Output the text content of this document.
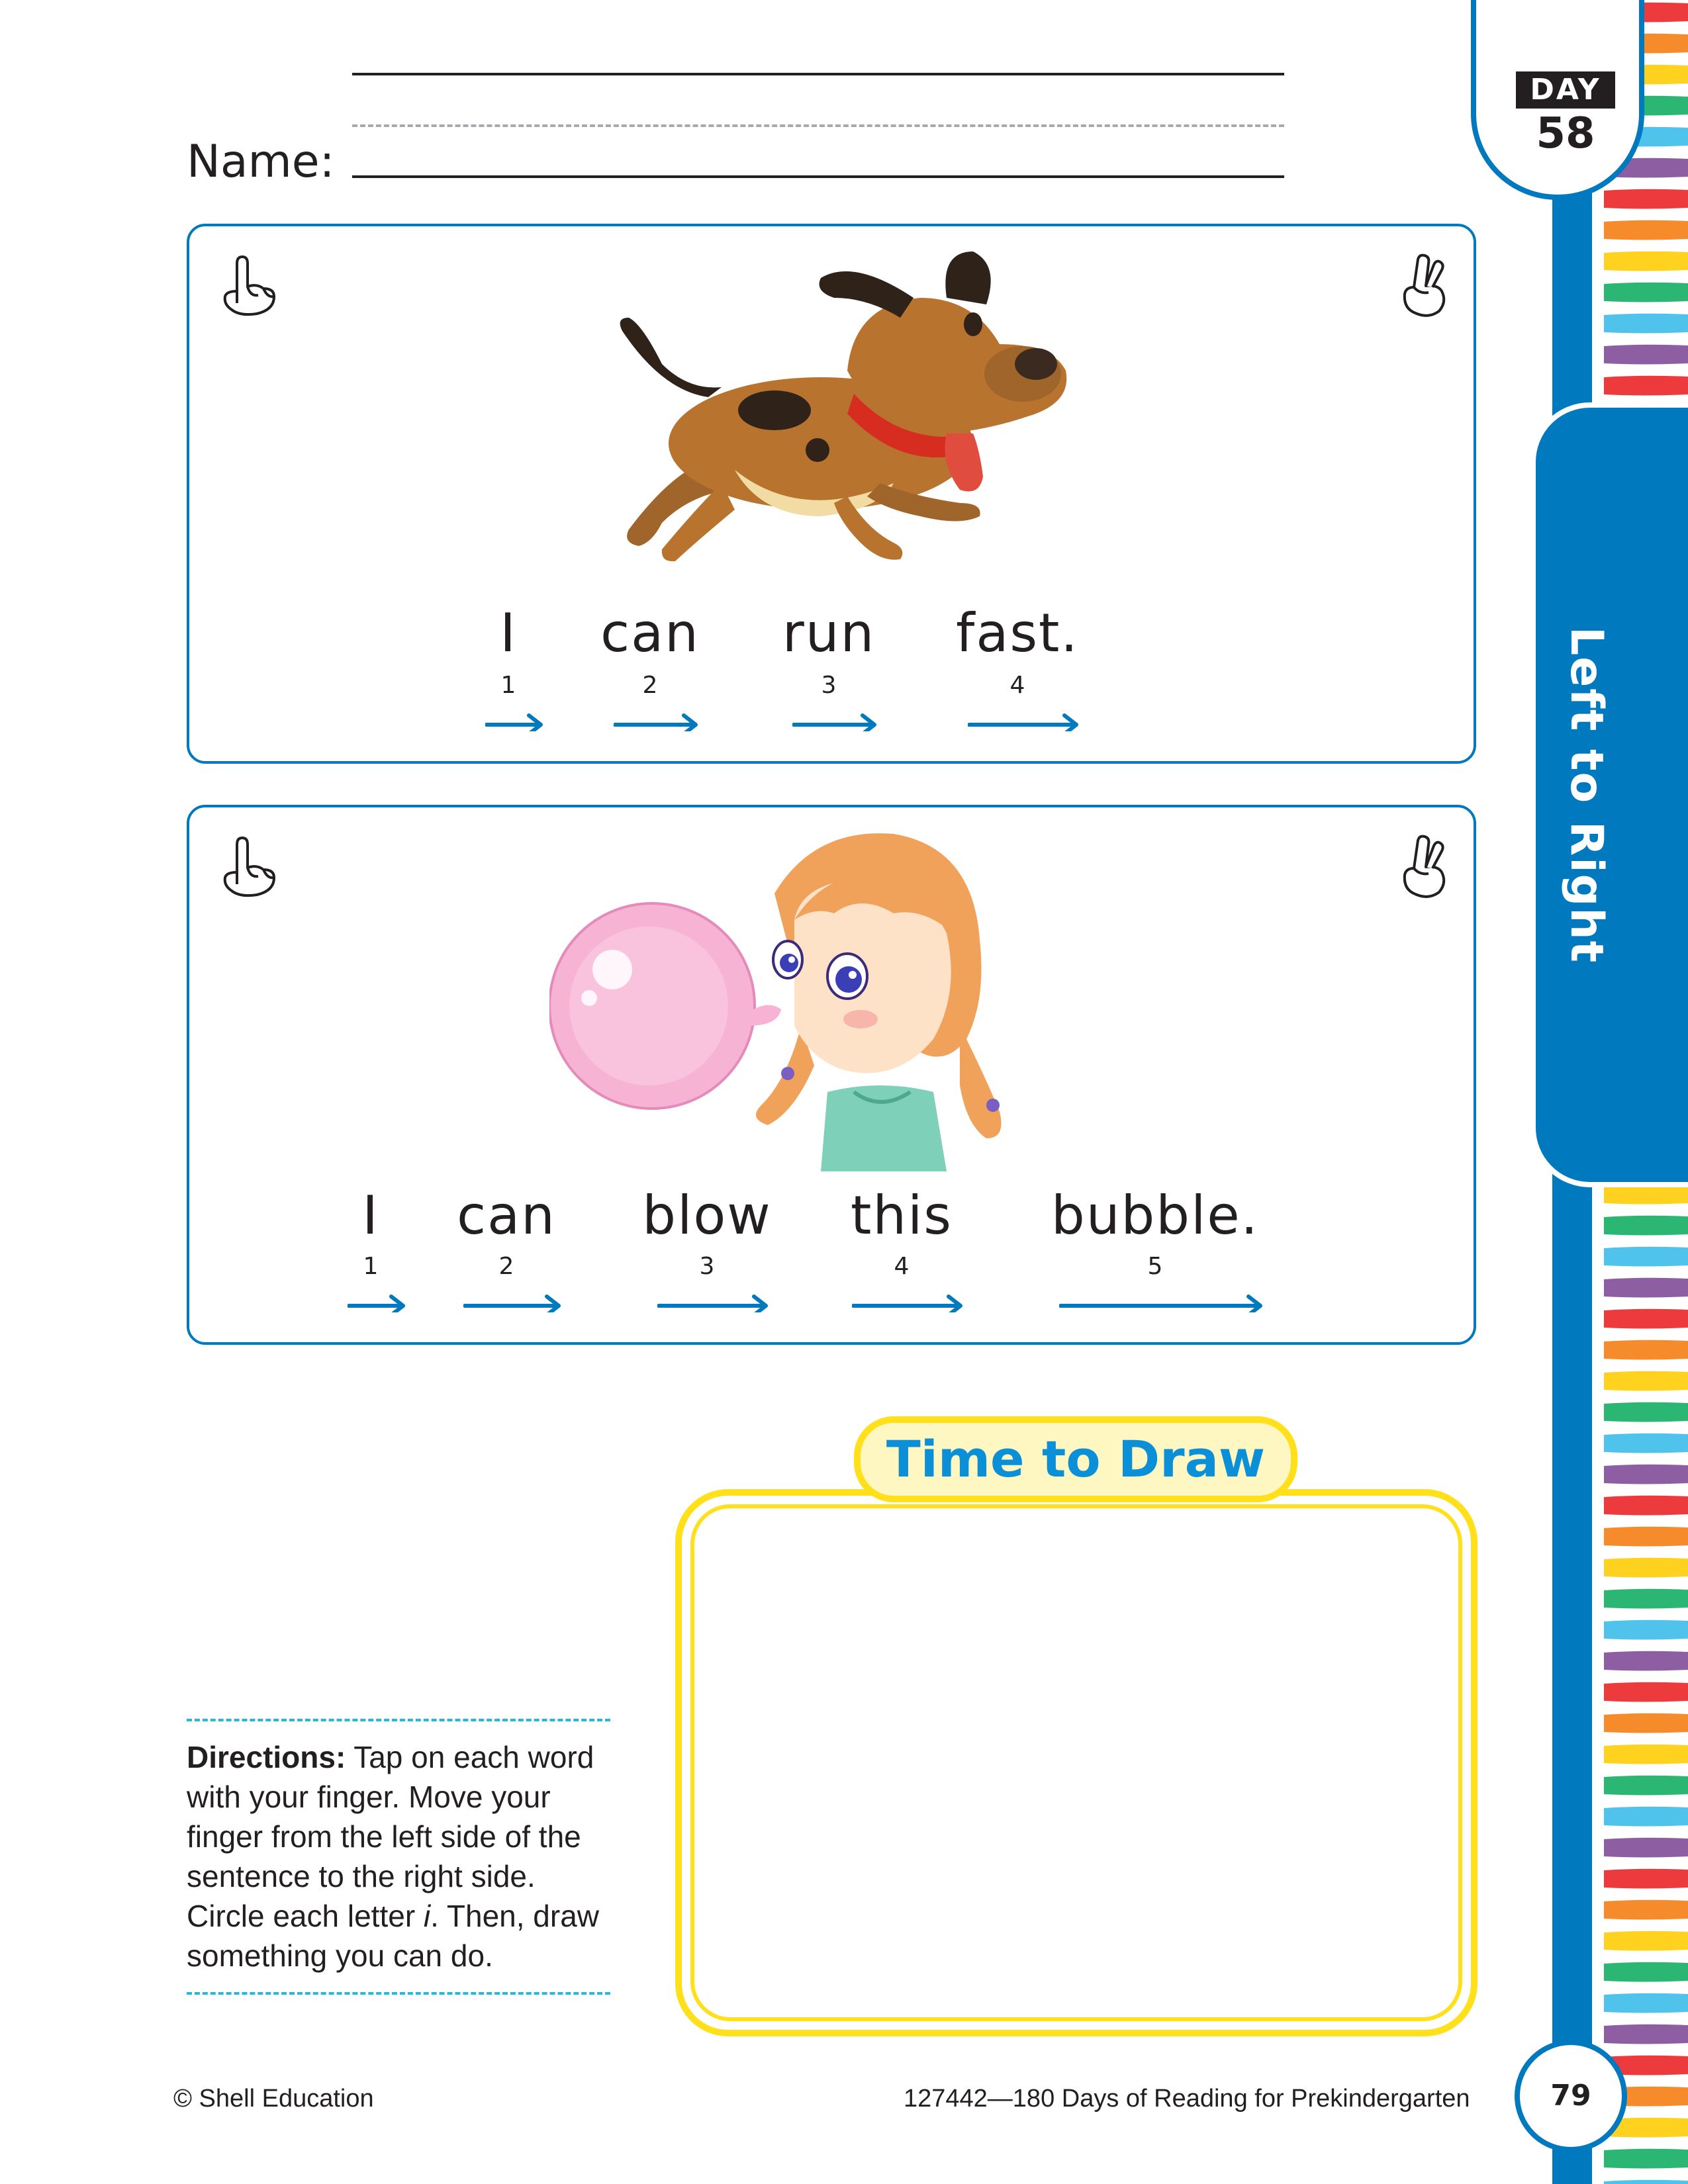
Name:
DAY
58
Left to Right
I
1
can
2
run
3
fast.
4
I
1
can
2
blow
3
this
4
bubble.
5
Time to Draw
Directions: Tap on each word with your finger. Move your finger from the left side of the sentence to the right side. Circle each letter i. Then, draw something you can do.
© Shell Education	127442—180 Days of Reading for Prekindergarten	79
